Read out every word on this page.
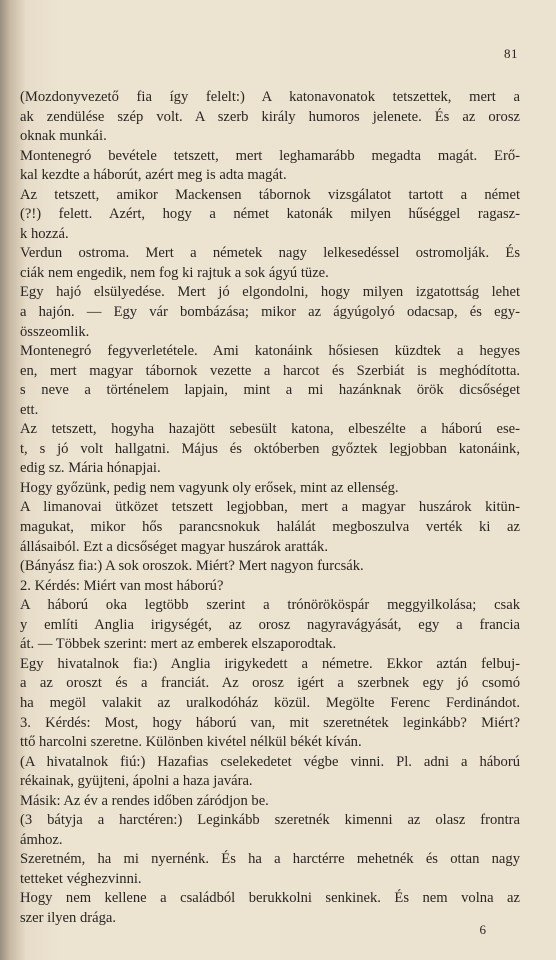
81
(Mozdonyvezető fia így felelt:) A katonavonatok tetszettek, mert a
ak zendülése szép volt. A szerb király humoros jelenete. És az orosz
oknak munkái.
Montenegró bevétele tetszett, mert leghamarább megadta magát. Erő-
kal kezdte a háborút, azért meg is adta magát.
Az tetszett, amikor Mackensen tábornok vizsgálatot tartott a német
(?!) felett. Azért, hogy a német katonák milyen hűséggel ragasz-
k hozzá.
Verdun ostroma. Mert a németek nagy lelkesedéssel ostromolják. És
ciák nem engedik, nem fog ki rajtuk a sok ágyú tüze.
Egy hajó elsülyedése. Mert jó elgondolni, hogy milyen izgatottság lehet
a hajón. — Egy vár bombázása; mikor az ágyúgolyó odacsap, és egy-
összeomlik.
Montenegró fegyverletétele. Ami katonáink hősiesen küzdtek a hegyes
en, mert magyar tábornok vezette a harcot és Szerbiát is meghódította.
s neve a történelem lapjain, mint a mi hazánknak örök dicsőséget
ett.
Az tetszett, hogyha hazajött sebesült katona, elbeszélte a háború ese-
t, s jó volt hallgatni. Május és októberben győztek legjobban katonáink,
edig sz. Mária hónapjai.
Hogy győzünk, pedig nem vagyunk oly erősek, mint az ellenség.
A limanovai ütközet tetszett legjobban, mert a magyar huszárok kitün-
magukat, mikor hős parancsnokuk halálát megboszulva verték ki az
állásaiból. Ezt a dicsőséget magyar huszárok aratták.
(Bányász fia:) A sok oroszok. Miért? Mert nagyon furcsák.
2. Kérdés: Miért van most háború?
A háború oka legtöbb szerint a trónörököspár meggyilkolása; csak
y említi Anglia irigységét, az orosz nagyravágyását, egy a francia
át. — Többek szerint: mert az emberek elszaporodtak.
Egy hivatalnok fia:) Anglia irigykedett a németre. Ekkor aztán felbuj-
a az oroszt és a franciát. Az orosz igért a szerbnek egy jó csomó
ha megöl valakit az uralkodóház közül. Megölte Ferenc Ferdinándot.
3. Kérdés: Most, hogy háború van, mit szeretnétek leginkább? Miért?
ttő harcolni szeretne. Különben kivétel nélkül békét kíván.
(A hivatalnok fiú:) Hazafias cselekedetet végbe vinni. Pl. adni a háború
rékainak, gyüjteni, ápolni a haza javára.
Másik: Az év a rendes időben záródjon be.
(3 bátyja a harctéren:) Leginkább szeretnék kimenni az olasz frontra
ámhoz.
Szeretném, ha mi nyernénk. És ha a harctérre mehetnék és ottan nagy
tetteket véghezvinni.
Hogy nem kellene a családból berukkolni senkinek. És nem volna az
szer ilyen drága.
6
